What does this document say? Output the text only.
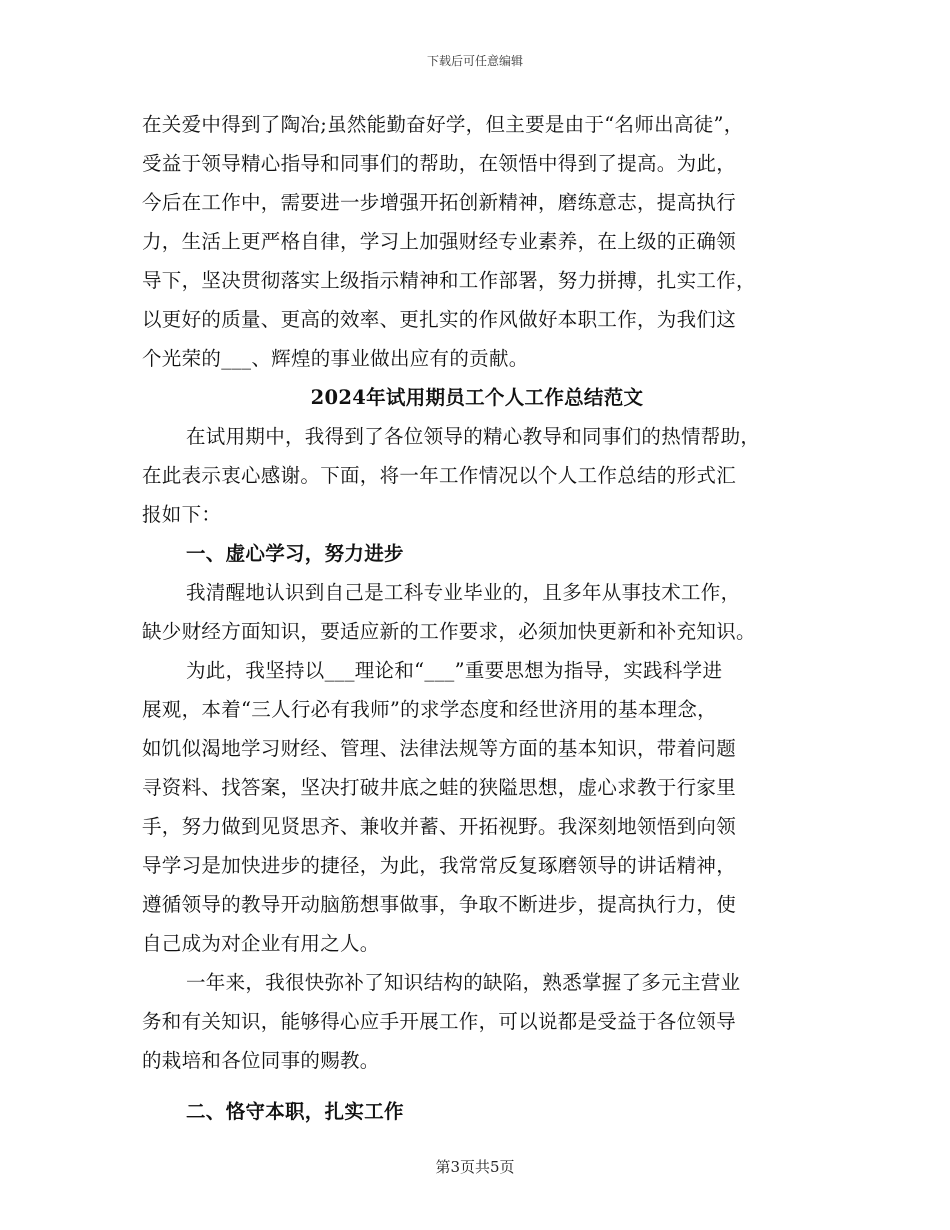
下载后可任意编辑
在关爱中得到了陶冶;虽然能勤奋好学，但主要是由于“名师出高徒”，
受益于领导精心指导和同事们的帮助，在领悟中得到了提高。为此，
今后在工作中，需要进一步增强开拓创新精神，磨练意志，提高执行
力，生活上更严格自律，学习上加强财经专业素养，在上级的正确领
导下，坚决贯彻落实上级指示精神和工作部署，努力拼搏，扎实工作，
以更好的质量、更高的效率、更扎实的作风做好本职工作，为我们这
个光荣的___、辉煌的事业做出应有的贡献。
2024年试用期员工个人工作总结范文
在试用期中，我得到了各位领导的精心教导和同事们的热情帮助，
在此表示衷心感谢。下面，将一年工作情况以个人工作总结的形式汇
报如下：
一、虚心学习，努力进步
我清醒地认识到自己是工科专业毕业的，且多年从事技术工作，
缺少财经方面知识，要适应新的工作要求，必须加快更新和补充知识。
为此，我坚持以___理论和“___”重要思想为指导，实践科学进
展观，本着“三人行必有我师”的求学态度和经世济用的基本理念，
如饥似渴地学习财经、管理、法律法规等方面的基本知识，带着问题
寻资料、找答案，坚决打破井底之蛙的狭隘思想，虚心求教于行家里
手，努力做到见贤思齐、兼收并蓄、开拓视野。我深刻地领悟到向领
导学习是加快进步的捷径，为此，我常常反复琢磨领导的讲话精神，
遵循领导的教导开动脑筋想事做事，争取不断进步，提高执行力，使
自己成为对企业有用之人。
一年来，我很快弥补了知识结构的缺陷，熟悉掌握了多元主营业
务和有关知识，能够得心应手开展工作，可以说都是受益于各位领导
的栽培和各位同事的赐教。
二、恪守本职，扎实工作
第3页共5页
